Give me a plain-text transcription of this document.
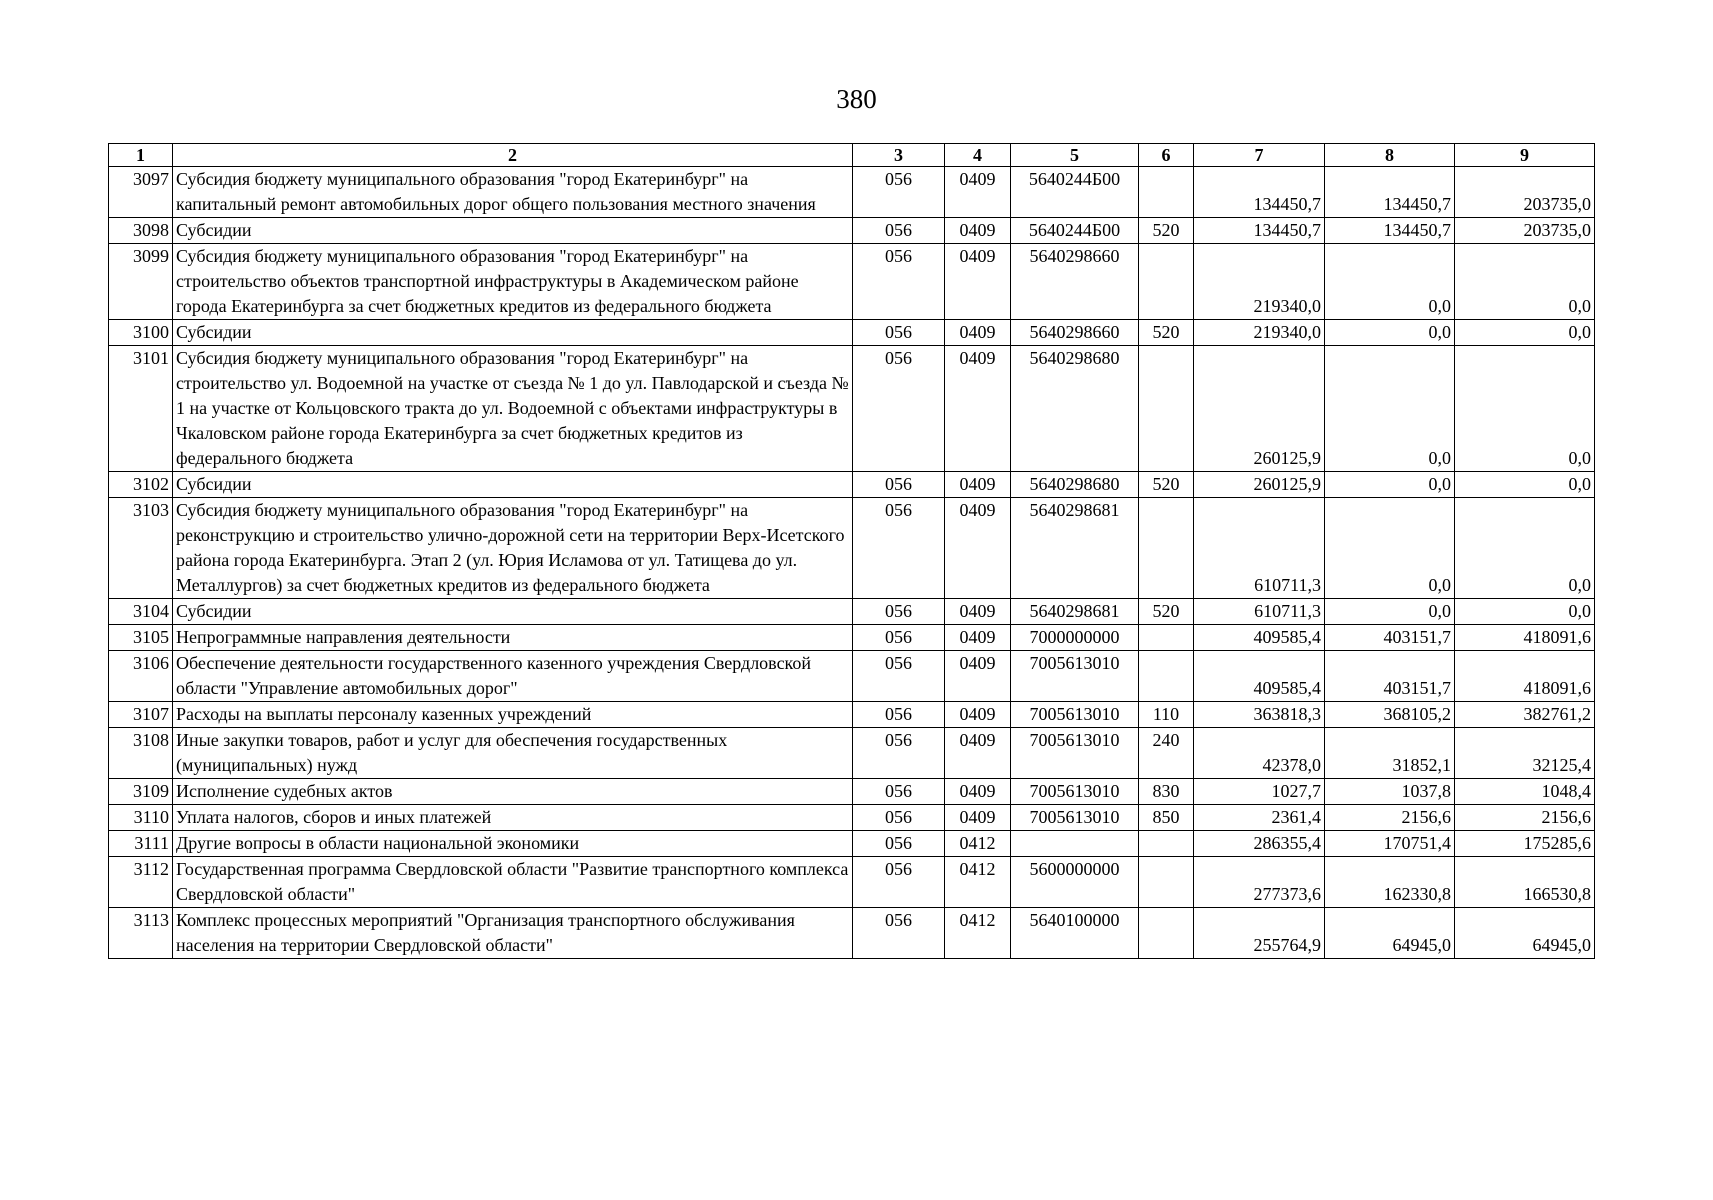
380
1	2	3	4	5	6	7	8	9
3097	Субсидия бюджету муниципального образования "город Екатеринбург" на капитальный ремонт автомобильных дорог общего пользования местного значения	056	0409	5640244Б00		134450,7	134450,7	203735,0
3098	Субсидии	056	0409	5640244Б00	520	134450,7	134450,7	203735,0
3099	Субсидия бюджету муниципального образования "город Екатеринбург" на строительство объектов транспортной инфраструктуры в Академическом районе города Екатеринбурга за счет бюджетных кредитов из федерального бюджета	056	0409	5640298660		219340,0	0,0	0,0
3100	Субсидии	056	0409	5640298660	520	219340,0	0,0	0,0
3101	Субсидия бюджету муниципального образования "город Екатеринбург" на строительство ул. Водоемной на участке от съезда № 1 до ул. Павлодарской и съезда № 1 на участке от Кольцовского тракта до ул. Водоемной с объектами инфраструктуры в Чкаловском районе города Екатеринбурга за счет бюджетных кредитов из федерального бюджета	056	0409	5640298680		260125,9	0,0	0,0
3102	Субсидии	056	0409	5640298680	520	260125,9	0,0	0,0
3103	Субсидия бюджету муниципального образования "город Екатеринбург" на реконструкцию и строительство улично-дорожной сети на территории Верх-Исетского района города Екатеринбурга. Этап 2 (ул. Юрия Исламова от ул. Татищева до ул. Металлургов) за счет бюджетных кредитов из федерального бюджета	056	0409	5640298681		610711,3	0,0	0,0
3104	Субсидии	056	0409	5640298681	520	610711,3	0,0	0,0
3105	Непрограммные направления деятельности	056	0409	7000000000		409585,4	403151,7	418091,6
3106	Обеспечение деятельности государственного казенного учреждения Свердловской области "Управление автомобильных дорог"	056	0409	7005613010		409585,4	403151,7	418091,6
3107	Расходы на выплаты персоналу казенных учреждений	056	0409	7005613010	110	363818,3	368105,2	382761,2
3108	Иные закупки товаров, работ и услуг для обеспечения государственных (муниципальных) нужд	056	0409	7005613010	240	42378,0	31852,1	32125,4
3109	Исполнение судебных актов	056	0409	7005613010	830	1027,7	1037,8	1048,4
3110	Уплата налогов, сборов и иных платежей	056	0409	7005613010	850	2361,4	2156,6	2156,6
3111	Другие вопросы в области национальной экономики	056	0412			286355,4	170751,4	175285,6
3112	Государственная программа Свердловской области "Развитие транспортного комплекса Свердловской области"	056	0412	5600000000		277373,6	162330,8	166530,8
3113	Комплекс процессных мероприятий "Организация транспортного обслуживания населения на территории Свердловской области"	056	0412	5640100000		255764,9	64945,0	64945,0
